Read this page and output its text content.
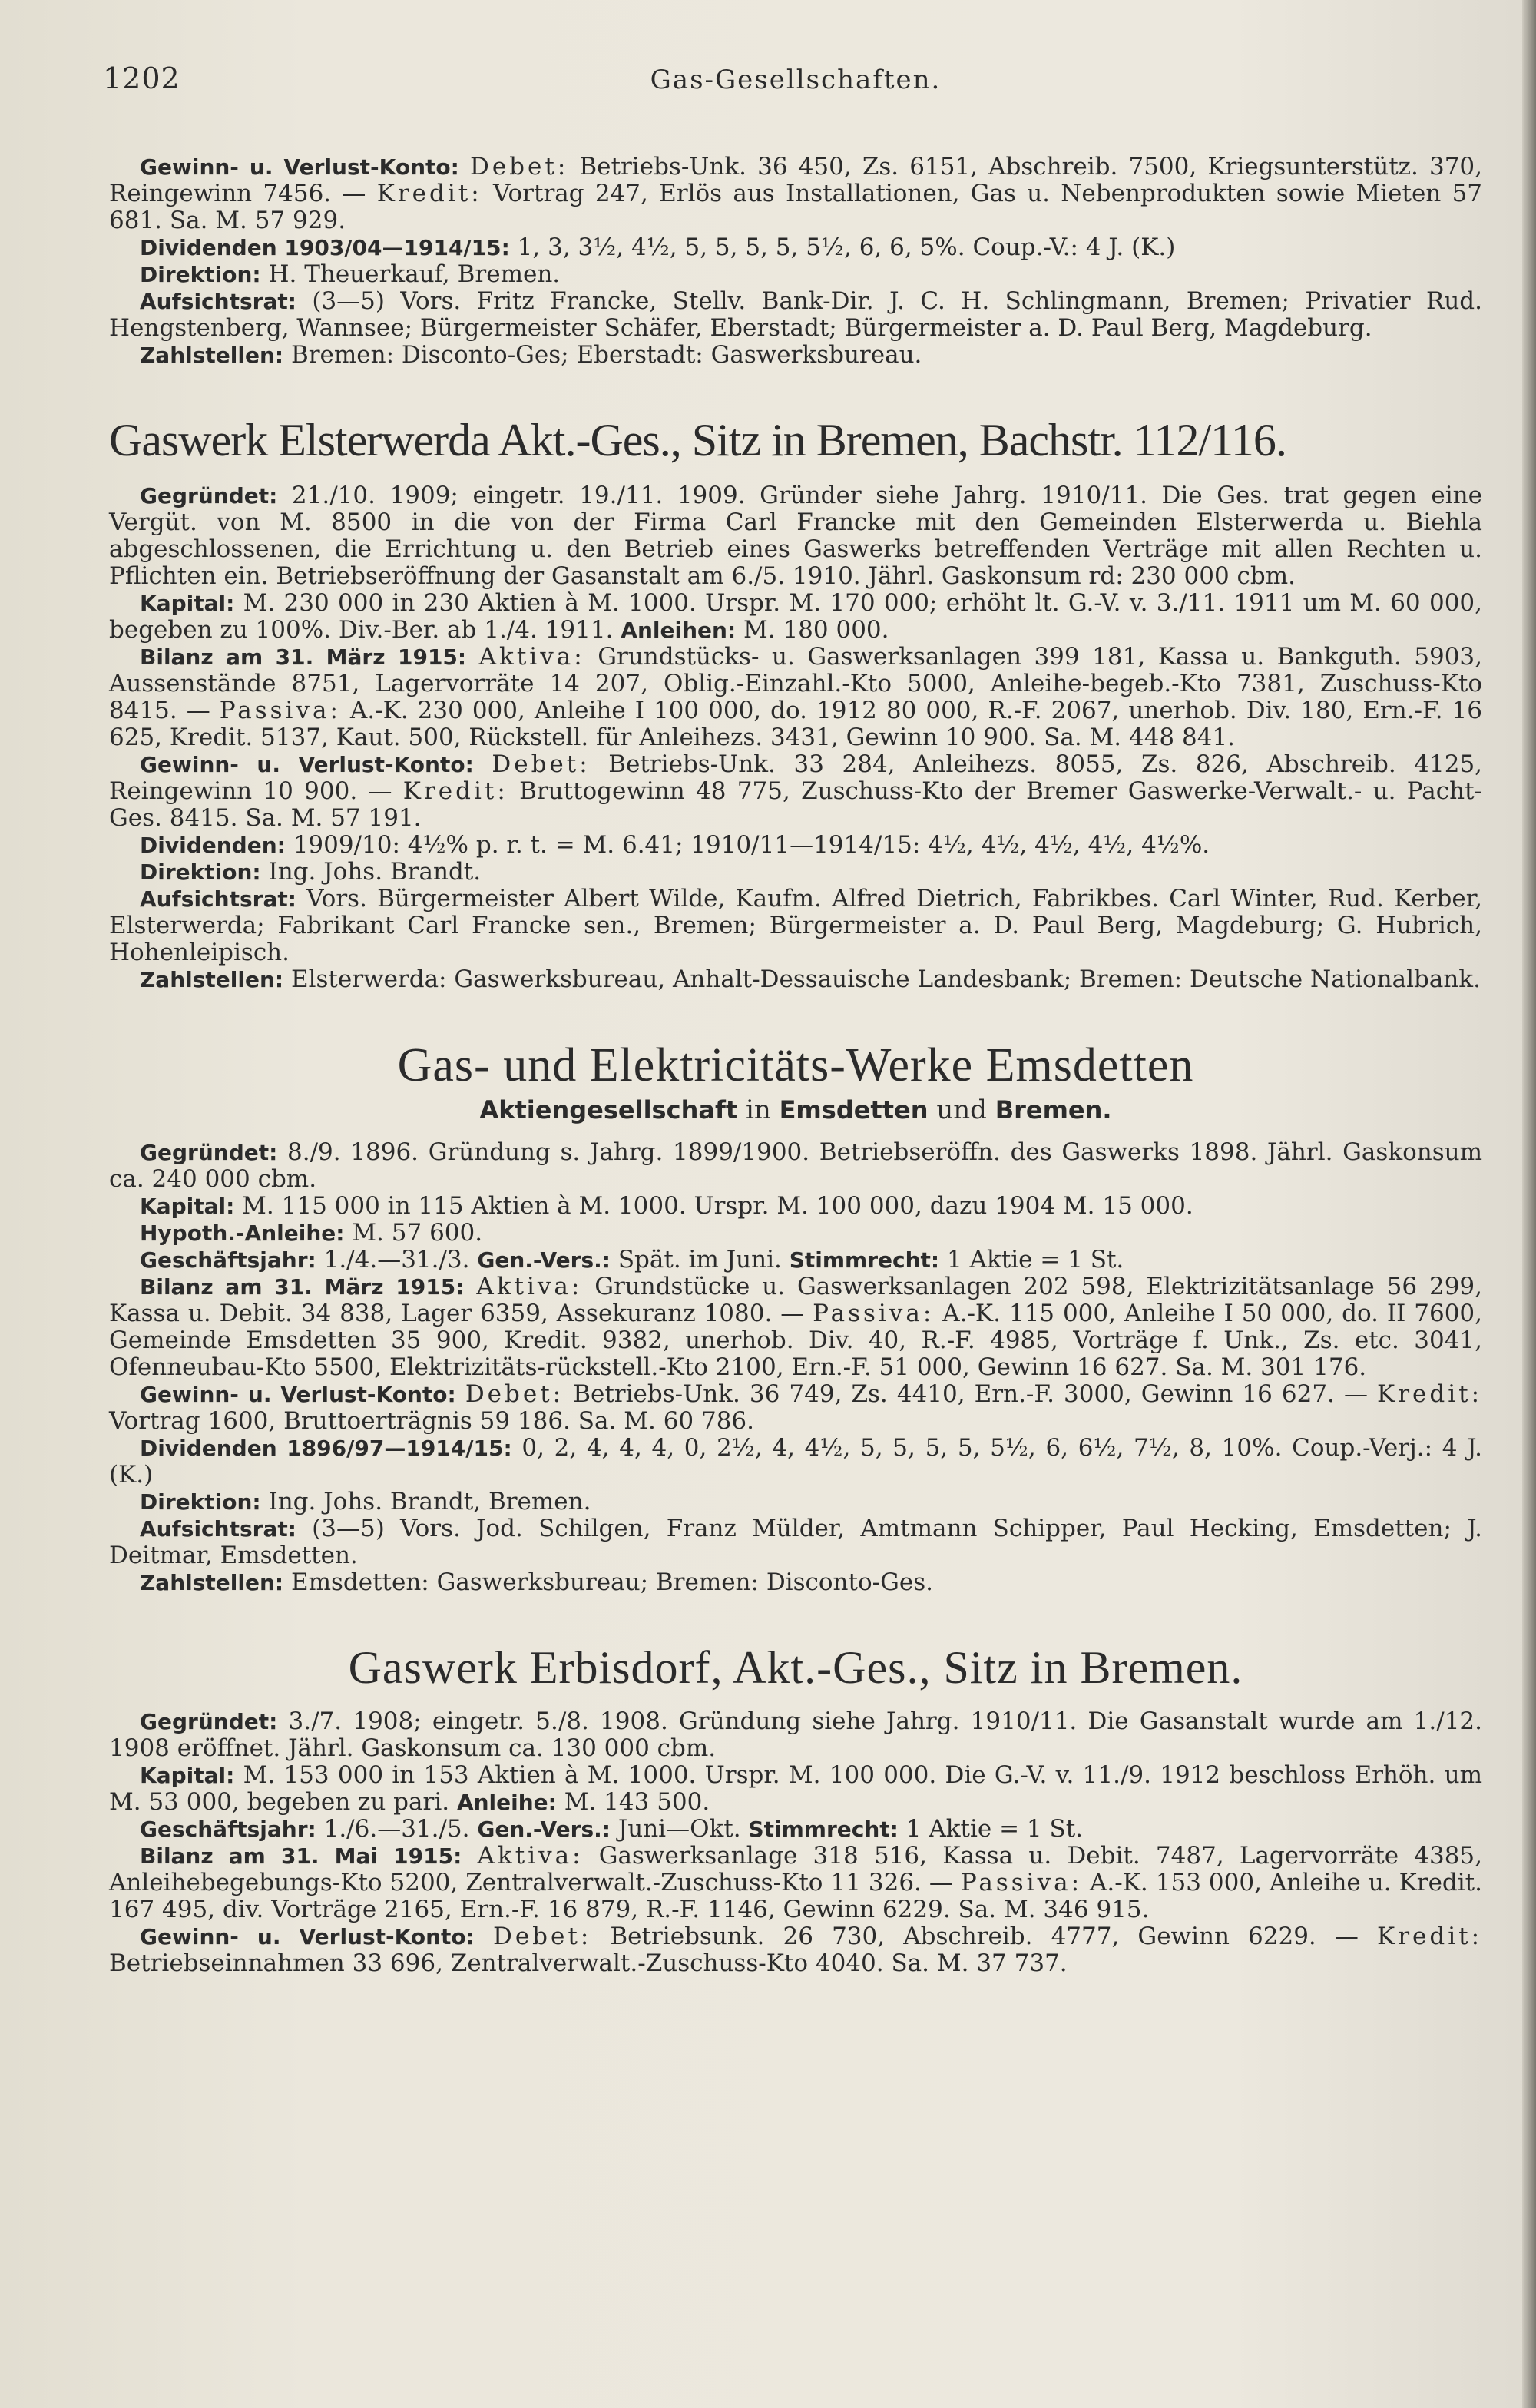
1202	Gas-Gesellschaften.

Gewinn- u. Verlust-Konto: Debet: Betriebs-Unk. 36 450, Zs. 6151, Abschreib. 7500, Kriegsunterstütz. 370, Reingewinn 7456. — Kredit: Vortrag 247, Erlös aus Installationen, Gas u. Nebenprodukten sowie Mieten 57 681. Sa. M. 57 929.

Dividenden 1903/04—1914/15: 1, 3, 3½, 4½, 5, 5, 5, 5, 5½, 6, 6, 5%. Coup.-V.: 4 J. (K.)

Direktion: H. Theuerkauf, Bremen.

Aufsichtsrat: (3—5) Vors. Fritz Francke, Stellv. Bank-Dir. J. C. H. Schlingmann, Bremen; Privatier Rud. Hengstenberg, Wannsee; Bürgermeister Schäfer, Eberstadt; Bürgermeister a. D. Paul Berg, Magdeburg.

Zahlstellen: Bremen: Disconto-Ges; Eberstadt: Gaswerksbureau.

Gaswerk Elsterwerda Akt.-Ges., Sitz in Bremen, Bachstr. 112/116.

Gegründet: 21./10. 1909; eingetr. 19./11. 1909. Gründer siehe Jahrg. 1910/11. Die Ges. trat gegen eine Vergüt. von M. 8500 in die von der Firma Carl Francke mit den Gemeinden Elsterwerda u. Biehla abgeschlossenen, die Errichtung u. den Betrieb eines Gaswerks betreffenden Verträge mit allen Rechten u. Pflichten ein. Betriebseröffnung der Gasanstalt am 6./5. 1910. Jährl. Gaskonsum rd: 230 000 cbm.

Kapital: M. 230 000 in 230 Aktien à M. 1000. Urspr. M. 170 000; erhöht lt. G.-V. v. 3./11. 1911 um M. 60 000, begeben zu 100%. Div.-Ber. ab 1./4. 1911. Anleihen: M. 180 000.

Bilanz am 31. März 1915: Aktiva: Grundstücks- u. Gaswerksanlagen 399 181, Kassa u. Bankguth. 5903, Aussenstände 8751, Lagervorräte 14 207, Oblig.-Einzahl.-Kto 5000, Anleihe-begeb.-Kto 7381, Zuschuss-Kto 8415. — Passiva: A.-K. 230 000, Anleihe I 100 000, do. 1912 80 000, R.-F. 2067, unerhob. Div. 180, Ern.-F. 16 625, Kredit. 5137, Kaut. 500, Rückstell. für Anleihezs. 3431, Gewinn 10 900. Sa. M. 448 841.

Gewinn- u. Verlust-Konto: Debet: Betriebs-Unk. 33 284, Anleihezs. 8055, Zs. 826, Abschreib. 4125, Reingewinn 10 900. — Kredit: Bruttogewinn 48 775, Zuschuss-Kto der Bremer Gaswerke-Verwalt.- u. Pacht-Ges. 8415. Sa. M. 57 191.

Dividenden: 1909/10: 4½% p. r. t. = M. 6.41; 1910/11—1914/15: 4½, 4½, 4½, 4½, 4½%.

Direktion: Ing. Johs. Brandt.

Aufsichtsrat: Vors. Bürgermeister Albert Wilde, Kaufm. Alfred Dietrich, Fabrikbes. Carl Winter, Rud. Kerber, Elsterwerda; Fabrikant Carl Francke sen., Bremen; Bürgermeister a. D. Paul Berg, Magdeburg; G. Hubrich, Hohenleipisch.

Zahlstellen: Elsterwerda: Gaswerksbureau, Anhalt-Dessauische Landesbank; Bremen: Deutsche Nationalbank.

Gas- und Elektricitäts-Werke Emsdetten
Aktiengesellschaft in Emsdetten und Bremen.

Gegründet: 8./9. 1896. Gründung s. Jahrg. 1899/1900. Betriebseröffn. des Gaswerks 1898. Jährl. Gaskonsum ca. 240 000 cbm.

Kapital: M. 115 000 in 115 Aktien à M. 1000. Urspr. M. 100 000, dazu 1904 M. 15 000.

Hypoth.-Anleihe: M. 57 600.

Geschäftsjahr: 1./4.—31./3. Gen.-Vers.: Spät. im Juni. Stimmrecht: 1 Aktie = 1 St.

Bilanz am 31. März 1915: Aktiva: Grundstücke u. Gaswerksanlagen 202 598, Elektrizitätsanlage 56 299, Kassa u. Debit. 34 838, Lager 6359, Assekuranz 1080. — Passiva: A.-K. 115 000, Anleihe I 50 000, do. II 7600, Gemeinde Emsdetten 35 900, Kredit. 9382, unerhob. Div. 40, R.-F. 4985, Vorträge f. Unk., Zs. etc. 3041, Ofenneubau-Kto 5500, Elektrizitäts-rückstell.-Kto 2100, Ern.-F. 51 000, Gewinn 16 627. Sa. M. 301 176.

Gewinn- u. Verlust-Konto: Debet: Betriebs-Unk. 36 749, Zs. 4410, Ern.-F. 3000, Gewinn 16 627. — Kredit: Vortrag 1600, Bruttoerträgnis 59 186. Sa. M. 60 786.

Dividenden 1896/97—1914/15: 0, 2, 4, 4, 4, 0, 2½, 4, 4½, 5, 5, 5, 5, 5½, 6, 6½, 7½, 8, 10%. Coup.-Verj.: 4 J. (K.)

Direktion: Ing. Johs. Brandt, Bremen.

Aufsichtsrat: (3—5) Vors. Jod. Schilgen, Franz Mülder, Amtmann Schipper, Paul Hecking, Emsdetten; J. Deitmar, Emsdetten.

Zahlstellen: Emsdetten: Gaswerksbureau; Bremen: Disconto-Ges.

Gaswerk Erbisdorf, Akt.-Ges., Sitz in Bremen.

Gegründet: 3./7. 1908; eingetr. 5./8. 1908. Gründung siehe Jahrg. 1910/11. Die Gasanstalt wurde am 1./12. 1908 eröffnet. Jährl. Gaskonsum ca. 130 000 cbm.

Kapital: M. 153 000 in 153 Aktien à M. 1000. Urspr. M. 100 000. Die G.-V. v. 11./9. 1912 beschloss Erhöh. um M. 53 000, begeben zu pari. Anleihe: M. 143 500.

Geschäftsjahr: 1./6.—31./5. Gen.-Vers.: Juni—Okt. Stimmrecht: 1 Aktie = 1 St.

Bilanz am 31. Mai 1915: Aktiva: Gaswerksanlage 318 516, Kassa u. Debit. 7487, Lagervorräte 4385, Anleihebegebungs-Kto 5200, Zentralverwalt.-Zuschuss-Kto 11 326. — Passiva: A.-K. 153 000, Anleihe u. Kredit. 167 495, div. Vorträge 2165, Ern.-F. 16 879, R.-F. 1146, Gewinn 6229. Sa. M. 346 915.

Gewinn- u. Verlust-Konto: Debet: Betriebsunk. 26 730, Abschreib. 4777, Gewinn 6229. — Kredit: Betriebseinnahmen 33 696, Zentralverwalt.-Zuschuss-Kto 4040. Sa. M. 37 737.
